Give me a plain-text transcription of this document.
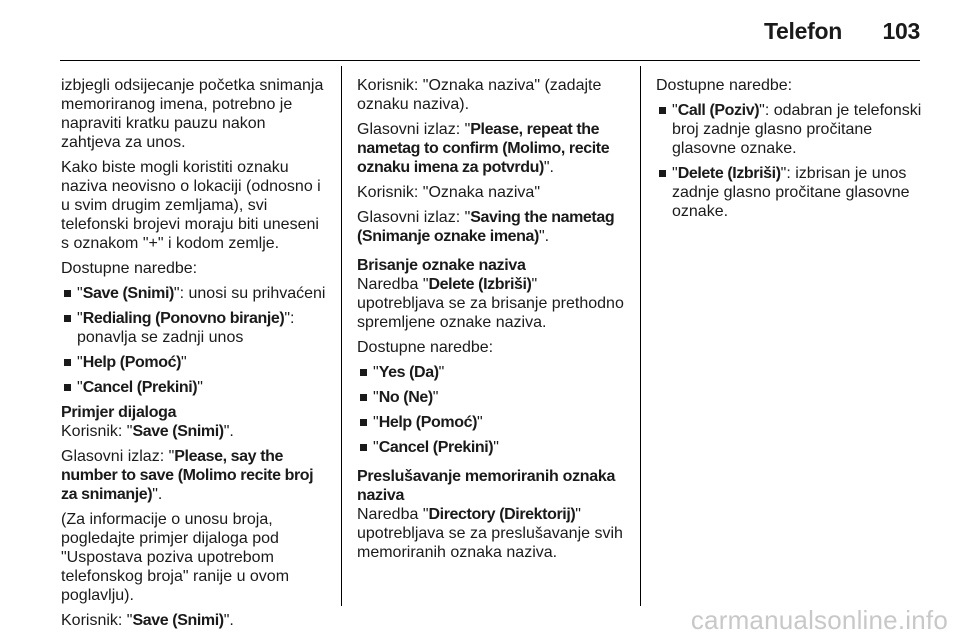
Telefon 103

izbjegli odsijecanje početka snimanja memoriranog imena, potrebno je napraviti kratku pauzu nakon zahtjeva za unos.

Kako biste mogli koristiti oznaku naziva neovisno o lokaciji (odnosno i u svim drugim zemljama), svi telefonski brojevi moraju biti uneseni s oznakom "+" i kodom zemlje.

Dostupne naredbe:

"Save (Snimi)": unosi su prihvaćeni
"Redialing (Ponovno biranje)": ponavlja se zadnji unos
"Help (Pomoć)"
"Cancel (Prekini)"

Primjer dijaloga

Korisnik: "Save (Snimi)".

Glasovni izlaz: "Please, say the number to save (Molimo recite broj za snimanje)".

(Za informacije o unosu broja, pogledajte primjer dijaloga pod "Uspostava poziva upotrebom telefonskog broja" ranije u ovom poglavlju).

Korisnik: "Save (Snimi)".

Korisnik: "Oznaka naziva" (zadajte oznaku naziva).

Glasovni izlaz: "Please, repeat the nametag to confirm (Molimo, recite oznaku imena za potvrdu)".

Korisnik: "Oznaka naziva"

Glasovni izlaz: "Saving the nametag (Snimanje oznake imena)".

Brisanje oznake naziva

Naredba "Delete (Izbriši)" upotrebljava se za brisanje prethodno spremljene oznake naziva.

Dostupne naredbe:

"Yes (Da)"
"No (Ne)"
"Help (Pomoć)"
"Cancel (Prekini)"

Preslušavanje memoriranih oznaka naziva

Naredba "Directory (Direktorij)" upotrebljava se za preslušavanje svih memoriranih oznaka naziva.

Dostupne naredbe:

"Call (Poziv)": odabran je telefonski broj zadnje glasno pročitane glasovne oznake.
"Delete (Izbriši)": izbrisan je unos zadnje glasno pročitane glasovne oznake.
carmanualsonline.info
